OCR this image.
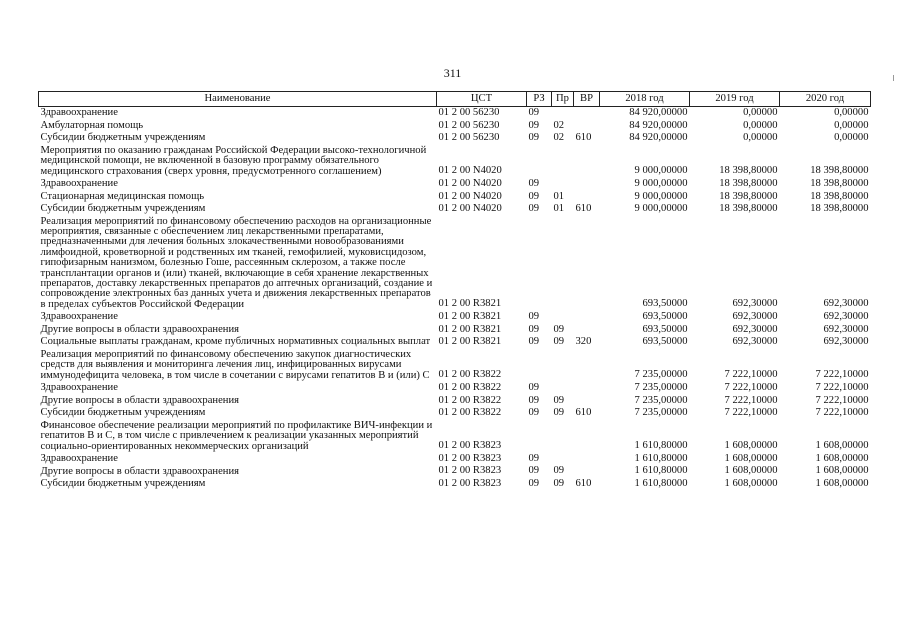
311
Наименование	ЦСТ	РЗ	Пр	ВР	2018 год	2019 год	2020 год
Здравоохранение	01 2 00 56230	09			84 920,00000	0,00000	0,00000
Амбулаторная помощь	01 2 00 56230	09	02		84 920,00000	0,00000	0,00000
Субсидии бюджетным учреждениям	01 2 00 56230	09	02	610	84 920,00000	0,00000	0,00000
Мероприятия по оказанию гражданам Российской Федерации высоко-технологичной медицинской помощи, не включенной в базовую программу обязательного медицинского страхования (сверх уровня, предусмотренного соглашением)	01 2 00 N4020				9 000,00000	18 398,80000	18 398,80000
Здравоохранение	01 2 00 N4020	09			9 000,00000	18 398,80000	18 398,80000
Стационарная медицинская помощь	01 2 00 N4020	09	01		9 000,00000	18 398,80000	18 398,80000
Субсидии бюджетным учреждениям	01 2 00 N4020	09	01	610	9 000,00000	18 398,80000	18 398,80000
Реализация мероприятий по финансовому обеспечению расходов на организационные мероприятия, связанные с обеспечением лиц лекарственными препаратами, предназначенными для лечения больных злокачественными новообразованиями лимфоидной, кроветворной и родственных им тканей, гемофилией, муковисцидозом, гипофизарным нанизмом, болезнью Гоше, рассеянным склерозом, а также после трансплантации органов и (или) тканей, включающие в себя хранение лекарственных препаратов, доставку лекарственных препаратов до аптечных организаций, создание и сопровождение электронных баз данных учета и движения лекарственных препаратов в пределах субъектов Российской Федерации	01 2 00 R3821				693,50000	692,30000	692,30000
Здравоохранение	01 2 00 R3821	09			693,50000	692,30000	692,30000
Другие вопросы в области здравоохранения	01 2 00 R3821	09	09		693,50000	692,30000	692,30000
Социальные выплаты гражданам, кроме публичных нормативных социальных выплат	01 2 00 R3821	09	09	320	693,50000	692,30000	692,30000
Реализация мероприятий по финансовому обеспечению закупок диагностических средств для выявления и мониторинга лечения лиц, инфицированных вирусами иммунодефицита человека, в том числе в сочетании с вирусами гепатитов В и (или) С	01 2 00 R3822				7 235,00000	7 222,10000	7 222,10000
Здравоохранение	01 2 00 R3822	09			7 235,00000	7 222,10000	7 222,10000
Другие вопросы в области здравоохранения	01 2 00 R3822	09	09		7 235,00000	7 222,10000	7 222,10000
Субсидии бюджетным учреждениям	01 2 00 R3822	09	09	610	7 235,00000	7 222,10000	7 222,10000
Финансовое обеспечение реализации мероприятий по профилактике ВИЧ-инфекции и гепатитов В и С, в том числе с привлечением к реализации указанных мероприятий социально-ориентированных некоммерческих организаций	01 2 00 R3823				1 610,80000	1 608,00000	1 608,00000
Здравоохранение	01 2 00 R3823	09			1 610,80000	1 608,00000	1 608,00000
Другие вопросы в области здравоохранения	01 2 00 R3823	09	09		1 610,80000	1 608,00000	1 608,00000
Субсидии бюджетным учреждениям	01 2 00 R3823	09	09	610	1 610,80000	1 608,00000	1 608,00000
